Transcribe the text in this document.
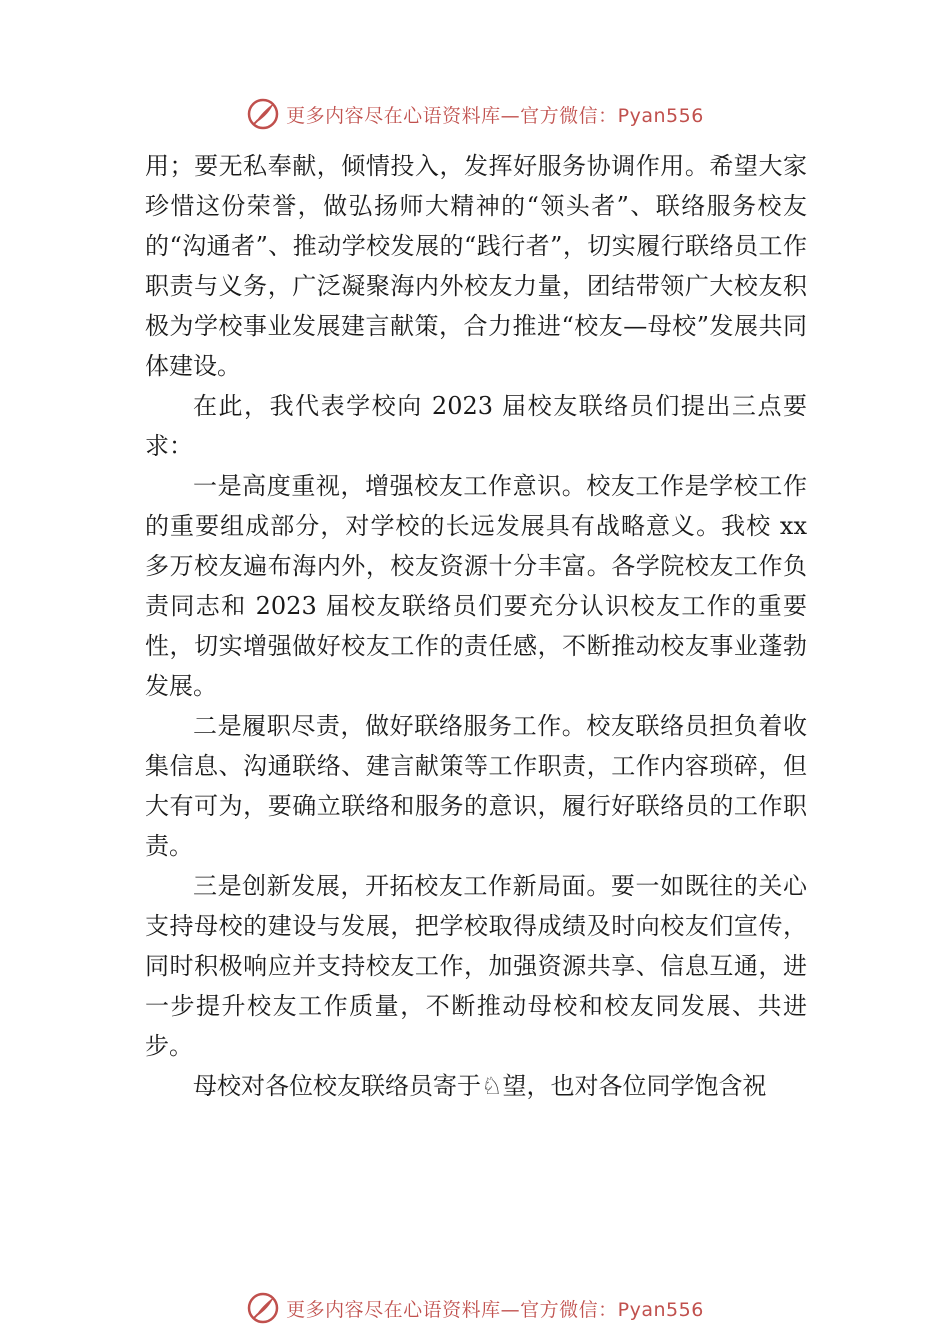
更多内容尽在心语资料库—官方微信：Pyan556

用；要无私奉献，倾情投入，发挥好服务协调作用。希望大家珍惜这份荣誉，做弘扬师大精神的“领头者”、联络服务校友的“沟通者”、推动学校发展的“践行者”，切实履行联络员工作职责与义务，广泛凝聚海内外校友力量，团结带领广大校友积极为学校事业发展建言献策，合力推进“校友—母校”发展共同体建设。

在此，我代表学校向 2023 届校友联络员们提出三点要求：

一是高度重视，增强校友工作意识。校友工作是学校工作的重要组成部分，对学校的长远发展具有战略意义。我校 xx 多万校友遍布海内外，校友资源十分丰富。各学院校友工作负责同志和 2023 届校友联络员们要充分认识校友工作的重要性，切实增强做好校友工作的责任感，不断推动校友事业蓬勃发展。

二是履职尽责，做好联络服务工作。校友联络员担负着收集信息、沟通联络、建言献策等工作职责，工作内容琐碎，但大有可为，要确立联络和服务的意识，履行好联络员的工作职责。

三是创新发展，开拓校友工作新局面。要一如既往的关心支持母校的建设与发展，把学校取得成绩及时向校友们宣传，同时积极响应并支持校友工作，加强资源共享、信息互通，进一步提升校友工作质量，不断推动母校和校友同发展、共进步。

母校对各位校友联络员寄于♘望，也对各位同学饱含祝

更多内容尽在心语资料库—官方微信：Pyan556
